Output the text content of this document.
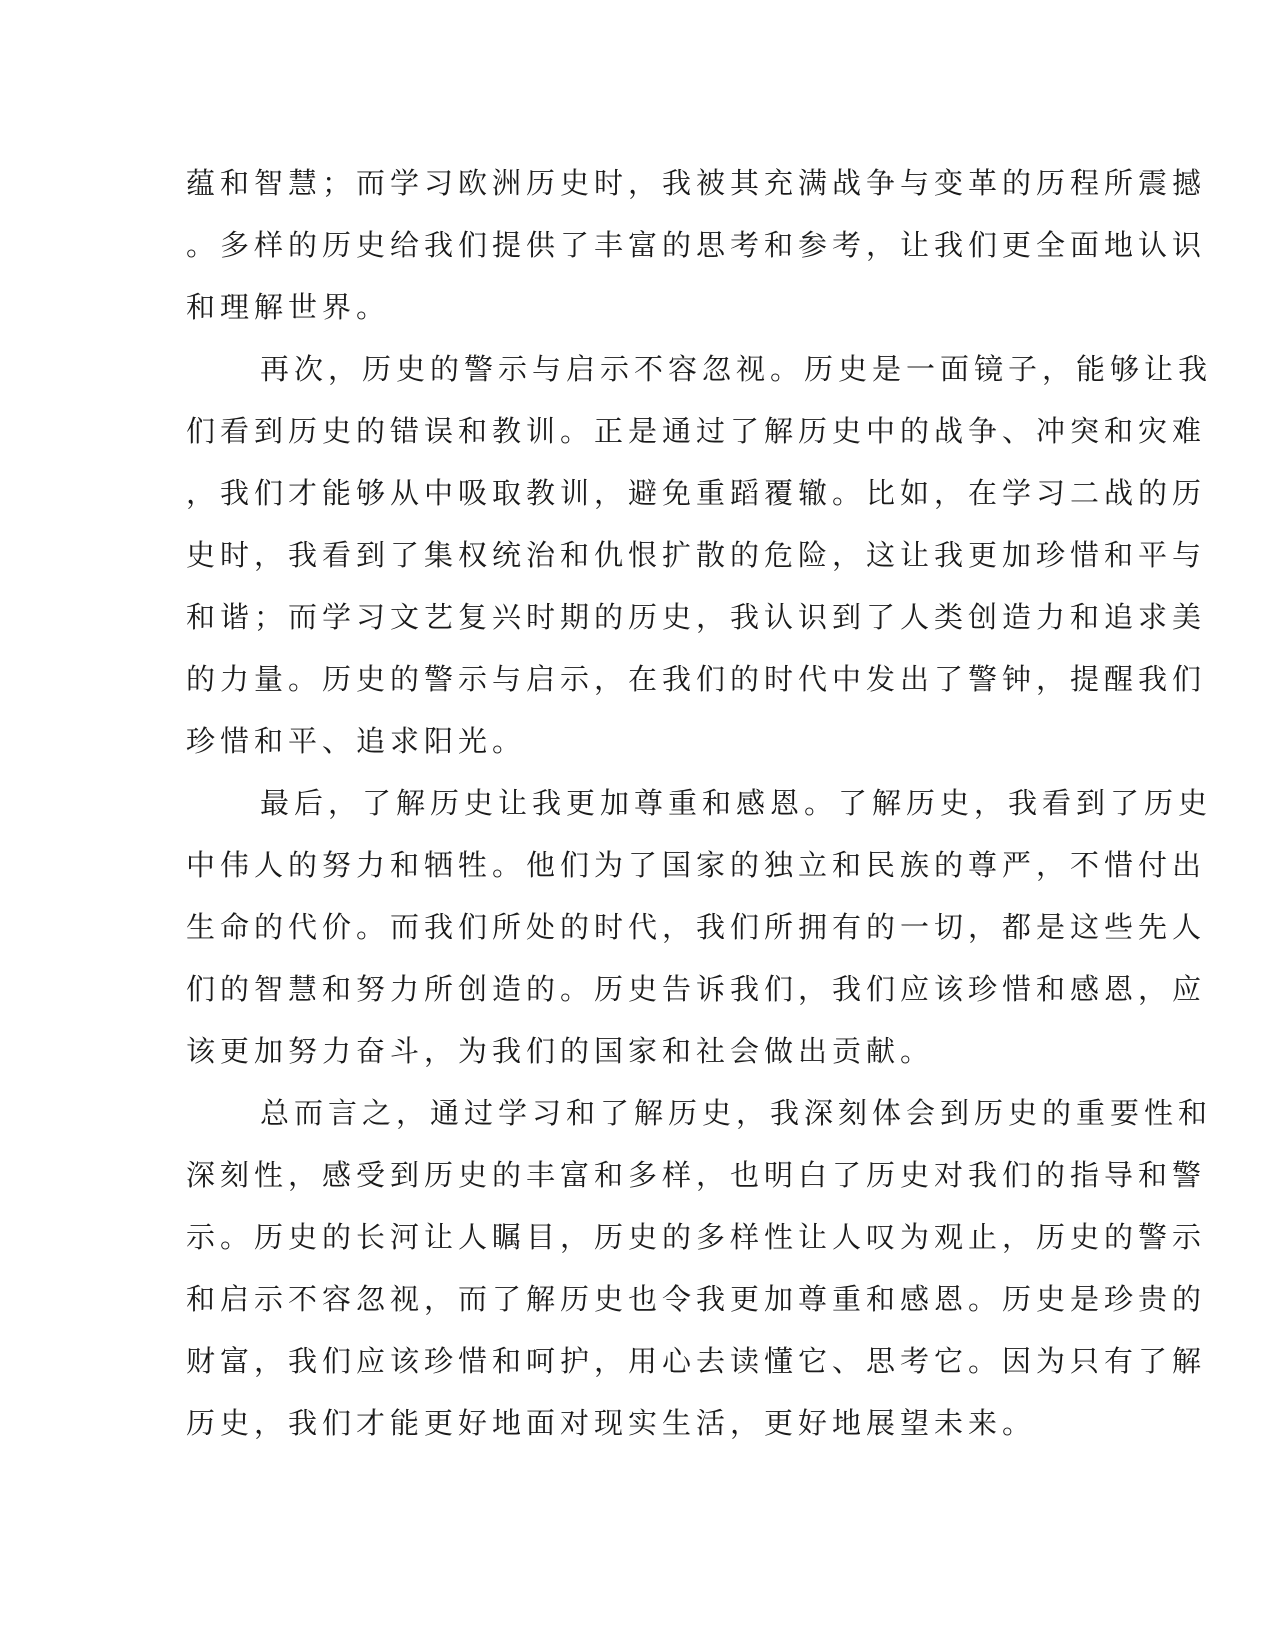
蕴和智慧；而学习欧洲历史时，我被其充满战争与变革的历程所震撼
。多样的历史给我们提供了丰富的思考和参考，让我们更全面地认识
和理解世界。
再次，历史的警示与启示不容忽视。历史是一面镜子，能够让我
们看到历史的错误和教训。正是通过了解历史中的战争、冲突和灾难
，我们才能够从中吸取教训，避免重蹈覆辙。比如，在学习二战的历
史时，我看到了集权统治和仇恨扩散的危险，这让我更加珍惜和平与
和谐；而学习文艺复兴时期的历史，我认识到了人类创造力和追求美
的力量。历史的警示与启示，在我们的时代中发出了警钟，提醒我们
珍惜和平、追求阳光。
最后，了解历史让我更加尊重和感恩。了解历史，我看到了历史
中伟人的努力和牺牲。他们为了国家的独立和民族的尊严，不惜付出
生命的代价。而我们所处的时代，我们所拥有的一切，都是这些先人
们的智慧和努力所创造的。历史告诉我们，我们应该珍惜和感恩，应
该更加努力奋斗，为我们的国家和社会做出贡献。
总而言之，通过学习和了解历史，我深刻体会到历史的重要性和
深刻性，感受到历史的丰富和多样，也明白了历史对我们的指导和警
示。历史的长河让人瞩目，历史的多样性让人叹为观止，历史的警示
和启示不容忽视，而了解历史也令我更加尊重和感恩。历史是珍贵的
财富，我们应该珍惜和呵护，用心去读懂它、思考它。因为只有了解
历史，我们才能更好地面对现实生活，更好地展望未来。
